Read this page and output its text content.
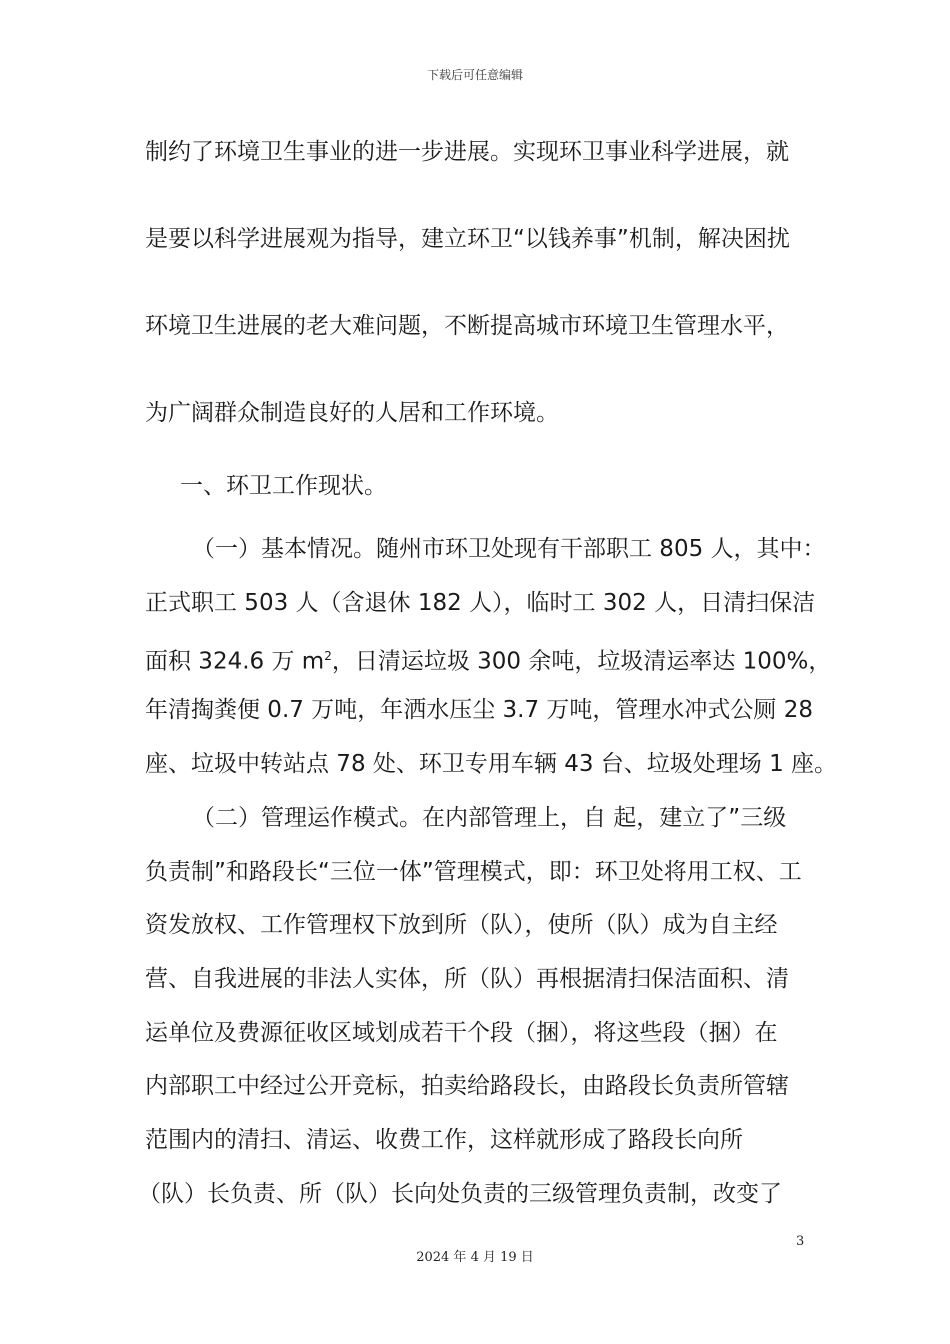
下载后可任意编辑
制约了环境卫生事业的进一步进展。实现环卫事业科学进展，就
是要以科学进展观为指导，建立环卫“以钱养事”机制，解决困扰
环境卫生进展的老大难问题，不断提高城市环境卫生管理水平，
为广阔群众制造良好的人居和工作环境。
一、环卫工作现状。
（一）基本情况。随州市环卫处现有干部职工 805 人，其中：
正式职工 503 人（含退休 182 人），临时工 302 人，日清扫保洁
面积 324.6 万 $m^2$，日清运垃圾 300 余吨，垃圾清运率达 100%，
年清掏粪便 0.7 万吨，年洒水压尘 3.7 万吨，管理水冲式公厕 28
座、垃圾中转站点 78 处、环卫专用车辆 43 台、垃圾处理场 1 座。
（二）管理运作模式。在内部管理上，自 起，建立了”三级
负责制”和路段长“三位一体”管理模式，即：环卫处将用工权、工
资发放权、工作管理权下放到所（队），使所（队）成为自主经
营、自我进展的非法人实体，所（队）再根据清扫保洁面积、清
运单位及费源征收区域划成若干个段（捆），将这些段（捆）在
内部职工中经过公开竞标，拍卖给路段长，由路段长负责所管辖
范围内的清扫、清运、收费工作，这样就形成了路段长向所
（队）长负责、所（队）长向处负责的三级管理负责制，改变了
3
2024 年 4 月 19 日
